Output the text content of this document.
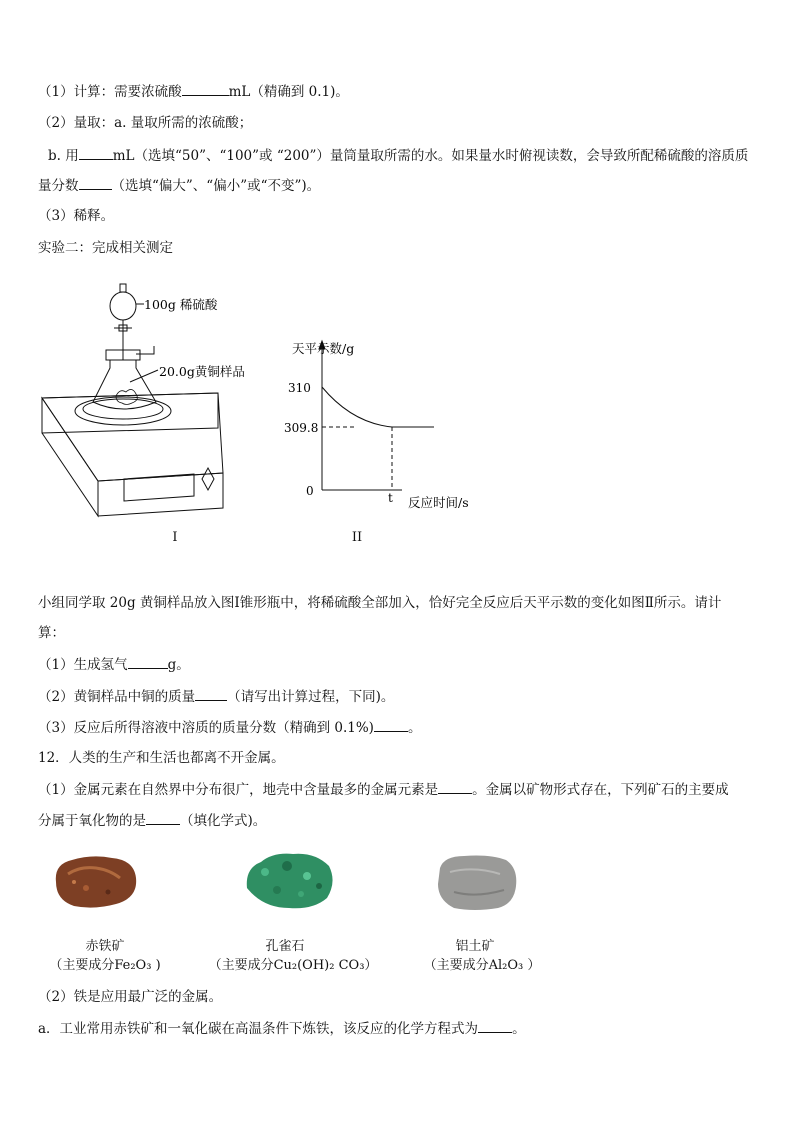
（1）计算：需要浓硫酸	mL（精确到 0.1)。
（2）量取：a. 量取所需的浓硫酸；
b. 用	mL（选填“50”、“100”或 “200”）量筒量取所需的水。如果量水时俯视读数，会导致所配稀硫酸的溶质质
量分数 （选填“偏大”、“偏小”或“不变”)。
（3）稀释。
实验二：完成相关测定
100g 稀硫酸
20.0g黄铜样品
I
天平示数/g
310
309.8
0	t 反应时间/s
II
小组同学取 20g 黄铜样品放入图Ⅰ锥形瓶中，将稀硫酸全部加入，恰好完全反应后天平示数的变化如图Ⅱ所示。请计
算：
（1）生成氢气	g。
（2）黄铜样品中铜的质量 （请写出计算过程，下同)。
（3）反应后所得溶液中溶质的质量分数（精确到 0.1%)	。
12．人类的生产和生活也都离不开金属。
（1）金属元素在自然界中分布很广，地壳中含量最多的金属元素是	。金属以矿物形式存在，下列矿石的主要成
分属于氧化物的是	（填化学式)。
赤铁矿	孔雀石	铝土矿
（主要成分Fe₂O₃ )	（主要成分Cu₂(OH)₂ CO₃）	（主要成分Al₂O₃ ）
（2）铁是应用最广泛的金属。
a．工业常用赤铁矿和一氧化碳在高温条件下炼铁，该反应的化学方程式为	。
